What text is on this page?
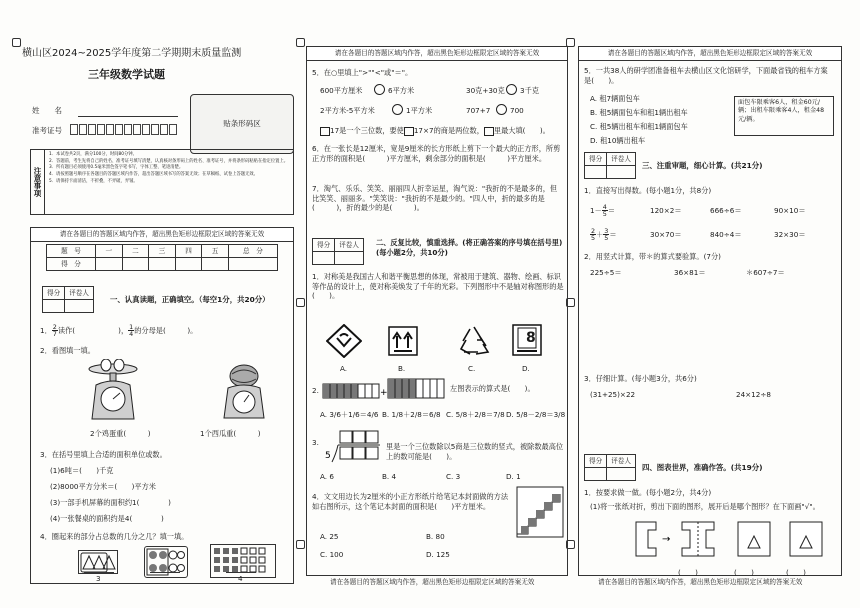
横山区2024~2025学年度第二学期期末质量监测
三年级数学试题
姓　　名
准考证号
贴条形码区
注意事项
1．本试卷共2页，满分100分，时间80分钟。
2．答题前，考生先将自己的姓名、准考证号填写清楚，认真核对条形码上的姓名、准考证号，并将条形码粘贴在指定位置上。
3．所有题目必须使用0.5毫米黑色签字笔书写，字体工整、笔迹清楚。
4．请按照题号顺序在各题目的答题区域内作答，超出答题区域书写的答案无效；在草稿纸、试卷上答题无效。
5．请保持卡面清洁，不折叠，不弄破，弄皱。
请在各题目的答题区域内作答，超出黑色矩形边框限定区域的答案无效
题　号	一	二	三	四	五	总　分
得　分						
得分	评卷人

一、认真读题，正确填空。（每空1分，共20分）
1． $\frac{2}{7}$ 读作(　　　　　　)， $\frac{1}{4}$ 的分母是(　　　)。
2．看图填一填。
2个鸡蛋重(　　　)	1个西瓜重(　　　)
3．在括号里填上合适的面积单位或数。
(1)6吨＝(　　)千克
(2)8000平方分米＝(　　)平方米
(3)一部手机屏幕的面积约1(　　　　)
(4)一张餐桌的面积约是4(　　　　)
4．圈起来的部分占总数的几分之几？填一填。
3	4
请在各题目的答题区域内作答，超出黑色矩形边框限定区域的答案无效
5．在○里填上">""<"或"＝"。
600平方厘米	6平方米	30克+30克 3千克
2平方米-5平方米	1平方米	707+7	700
17是一个三位数，要使 17×7的商是两位数， 里最大填(　　)。
6．在一张长是12厘米，宽是9厘米的长方形纸上剪下一个最大的正方形，所剪正方形的面积是(　　　)平方厘米，剩余部分的面积是(　　　)平方厘米。
7．淘气、乐乐、笑笑、丽丽四人折幸运星，淘气说："我折的不是最多的，但比笑笑、丽丽多。"笑笑说："我折的不是最少的。"四人中，折的最多的是(　　　)，折的最少的是(　　　)。
得分	评卷人
	二、反复比较，慎重选择。(将正确答案的序号填在括号里)(每小题2分，共10分)
1．对称美是我国古人和谐平衡思想的体现，常被用于建筑、器物、绘画、标识等作品的设计上，使对称美焕发了千年的光彩。下列图形中不是轴对称图形的是(　　)。
8
A.	B.	C.	D.
2.	+	左图表示的算式是(　　)。
A. 3/6＋1/6＝4/6 B. 1/8＋2/8＝6/8 C. 5/8＋2/8＝7/8 D. 5/8－2/8＝3/8
3.
5
里是一个三位数除以5商是三位数的竖式，被除数最高位上的数可能是(　　)。
A. 6	B. 4	C. 3	D. 1
4．文文用边长为2厘米的小正方形纸片给笔记本封面做的方法如右图所示，这个笔记本封面的面积是(　　)平方厘米。
A. 25	B. 80
C. 100	D. 125
请在各题目的答题区域内作答，超出黑色矩形边框限定区域的答案无效
请在各题目的答题区域内作答，超出黑色矩形边框限定区域的答案无效
5．一共38人的研学团准备租车去横山区文化馆研学，下面最省钱的租车方案是(　　)。
A. 租7辆面包车
B. 租5辆面包车和租1辆出租车
C. 租5辆出租车和租1辆面包车
D. 租10辆出租车
面包车限乘客6人，租金60元/辆；出租车限乘客4人，租金48元/辆。
得分	评卷人

三、注重审题，细心计算。(共21分)
1．直接写出得数。(每小题1分，共8分)
$1- \frac{4}{5}$ ＝	120×2＝	666÷6＝	90×10＝
$\frac{2}{5} + \frac{3}{5}$ ＝	30×70＝	840÷4＝	32×30＝
2．用竖式计算，带＊的算式要验算。(7分)
225÷5＝	36×81＝	＊607÷7＝
3．仔细计算。(每小题3分，共6分)
(31+25)×22	24×12÷8
得分	评卷人

四、图表世界，准确作答。(共19分)
1．按要求做一做。(每小题2分，共4分)
(1)将一张纸对折，剪出下面的图形，展开后是哪个图形？在下面画"√"。
→
(　　)	(　　)	(　　)
请在各题目的答题区域内作答，超出黑色矩形边框限定区域的答案无效
